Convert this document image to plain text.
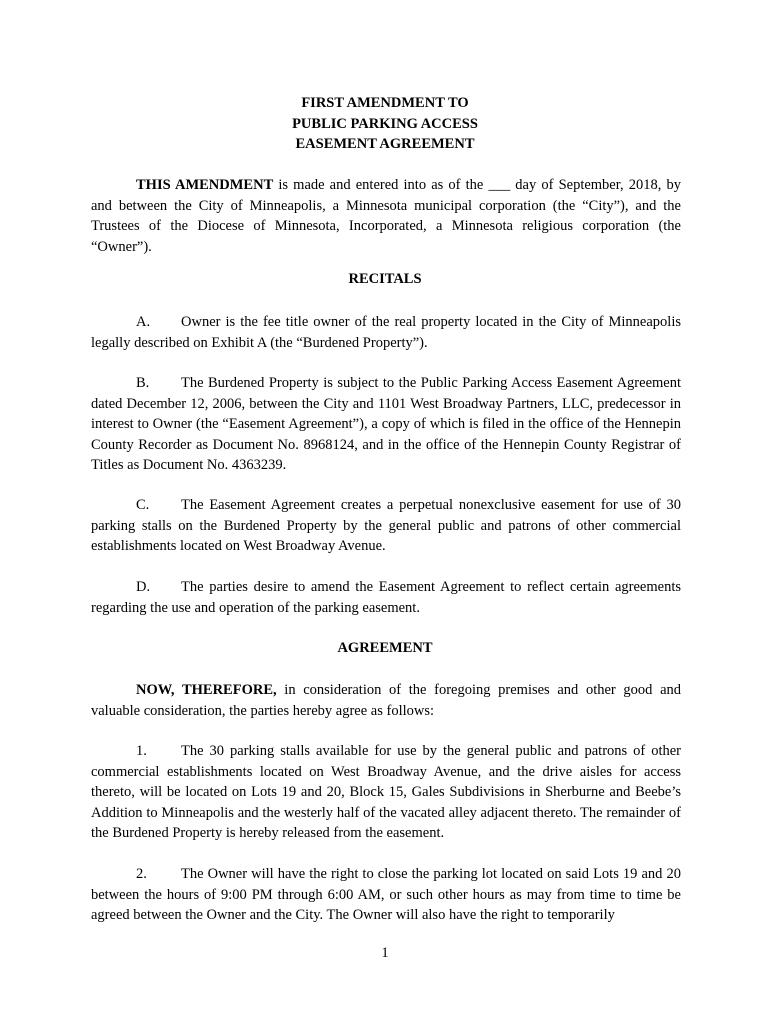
FIRST AMENDMENT TO
PUBLIC PARKING ACCESS
EASEMENT AGREEMENT
THIS AMENDMENT is made and entered into as of the ___ day of September, 2018, by and between the City of Minneapolis, a Minnesota municipal corporation (the “City”), and the Trustees of the Diocese of Minnesota, Incorporated, a Minnesota religious corporation (the “Owner”).
RECITALS
A. Owner is the fee title owner of the real property located in the City of Minneapolis legally described on Exhibit A (the “Burdened Property”).
B. The Burdened Property is subject to the Public Parking Access Easement Agreement dated December 12, 2006, between the City and 1101 West Broadway Partners, LLC, predecessor in interest to Owner (the “Easement Agreement”), a copy of which is filed in the office of the Hennepin County Recorder as Document No. 8968124, and in the office of the Hennepin County Registrar of Titles as Document No. 4363239.
C. The Easement Agreement creates a perpetual nonexclusive easement for use of 30 parking stalls on the Burdened Property by the general public and patrons of other commercial establishments located on West Broadway Avenue.
D. The parties desire to amend the Easement Agreement to reflect certain agreements regarding the use and operation of the parking easement.
AGREEMENT
NOW, THEREFORE, in consideration of the foregoing premises and other good and valuable consideration, the parties hereby agree as follows:
1. The 30 parking stalls available for use by the general public and patrons of other commercial establishments located on West Broadway Avenue, and the drive aisles for access thereto, will be located on Lots 19 and 20, Block 15, Gales Subdivisions in Sherburne and Beebe’s Addition to Minneapolis and the westerly half of the vacated alley adjacent thereto. The remainder of the Burdened Property is hereby released from the easement.
2. The Owner will have the right to close the parking lot located on said Lots 19 and 20 between the hours of 9:00 PM through 6:00 AM, or such other hours as may from time to time be agreed between the Owner and the City. The Owner will also have the right to temporarily
1
